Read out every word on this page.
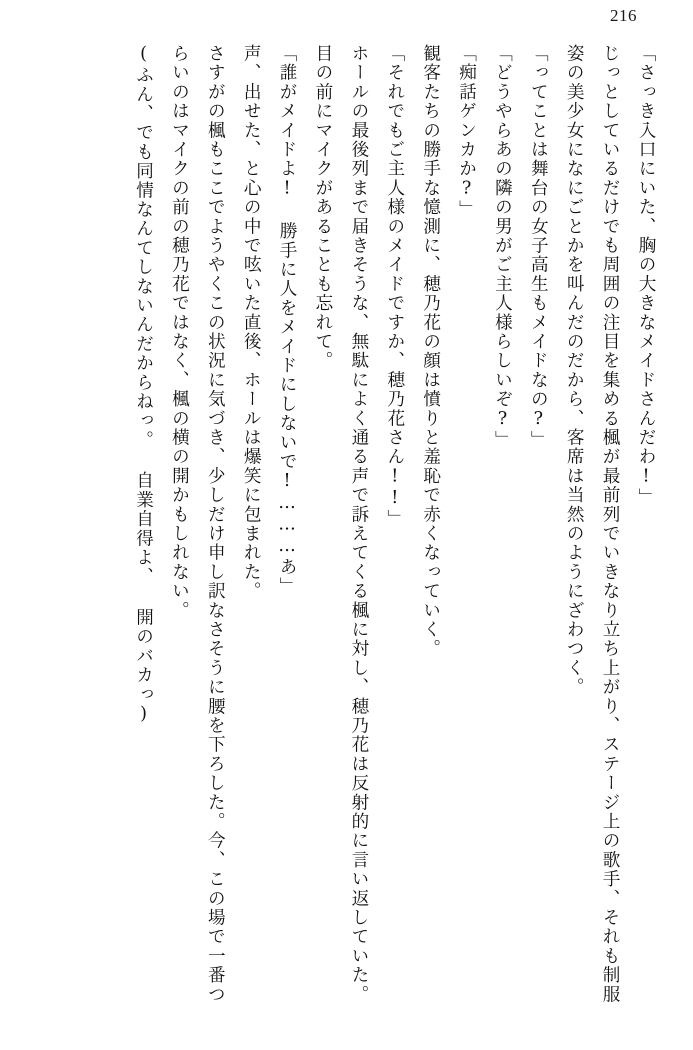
216

「さっき入口にいた、胸の大きなメイドさんだわ!」

じっとしているだけでも周囲の注目を集める楓が最前列でいきなり立ち上がり、ステージ上の歌手、それも制服姿の美少女になにごとかを叫んだのだから、客席は当然のようにざわつく。

「ってことは舞台の女子高生もメイドなの?」

「どうやらあの隣の男がご主人様らしいぞ?」

「痴話ゲンカか?」

観客たちの勝手な憶測に、穂乃花の顔は憤りと羞恥で赤くなっていく。

「それでもご主人様のメイドですか、穂乃花さん!!」

ホールの最後列まで届きそうな、無駄によく通る声で訴えてくる楓に対し、穂乃花は反射的に言い返していた。目の前にマイクがあることも忘れて。

「誰がメイドよ! 勝手に人をメイドにしないで!………あ」

声、出せた、と心の中で呟いた直後、ホールは爆笑に包まれた。

さすがの楓もここでようやくこの状況に気づき、少しだけ申し訳なさそうに腰を下ろした。今、この場で一番つらいのはマイクの前の穂乃花ではなく、楓の横の開かもしれない。

(ふん、でも同情なんてしないんだからねっ。 自業自得よ、 開のバカっ)
